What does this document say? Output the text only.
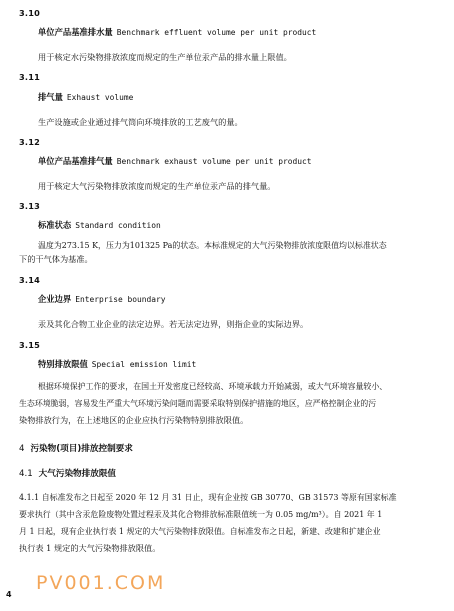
3.10
单位产品基准排水量 Benchmark effluent volume per unit product
用于核定水污染物排放浓度而规定的生产单位汞产品的排水量上限值。
3.11
排气量 Exhaust volume
生产设施或企业通过排气筒向环境排放的工艺废气的量。
3.12
单位产品基准排气量 Benchmark exhaust volume per unit product
用于核定大气污染物排放浓度而规定的生产单位汞产品的排气量。
3.13
标准状态 Standard condition
温度为273.15 K，压力为101325 Pa的状态。本标准规定的大气污染物排放浓度限值均以标准状态
下的干气体为基准。
3.14
企业边界 Enterprise boundary
汞及其化合物工业企业的法定边界。若无法定边界，则指企业的实际边界。
3.15
特别排放限值 Special emission limit
根据环境保护工作的要求，在国土开发密度已经较高、环境承载力开始减弱，或大气环境容量较小、
生态环境脆弱，容易发生严重大气环境污染问题而需要采取特别保护措施的地区，应严格控制企业的污
染物排放行为，在上述地区的企业应执行污染物特别排放限值。
4 污染物(项目)排放控制要求
4.1 大气污染物排放限值
4.1.1 自标准发布之日起至 2020 年 12 月 31 日止，现有企业按 GB 30770、GB 31573 等原有国家标准
要求执行（其中含汞危险废物处置过程汞及其化合物排放标准限值统一为 0.05 mg/m³）。自 2021 年 1
月 1 日起，现有企业执行表 1 规定的大气污染物排放限值。自标准发布之日起，新建、改建和扩建企业
执行表 1 规定的大气污染物排放限值。
PV001.COM
4
